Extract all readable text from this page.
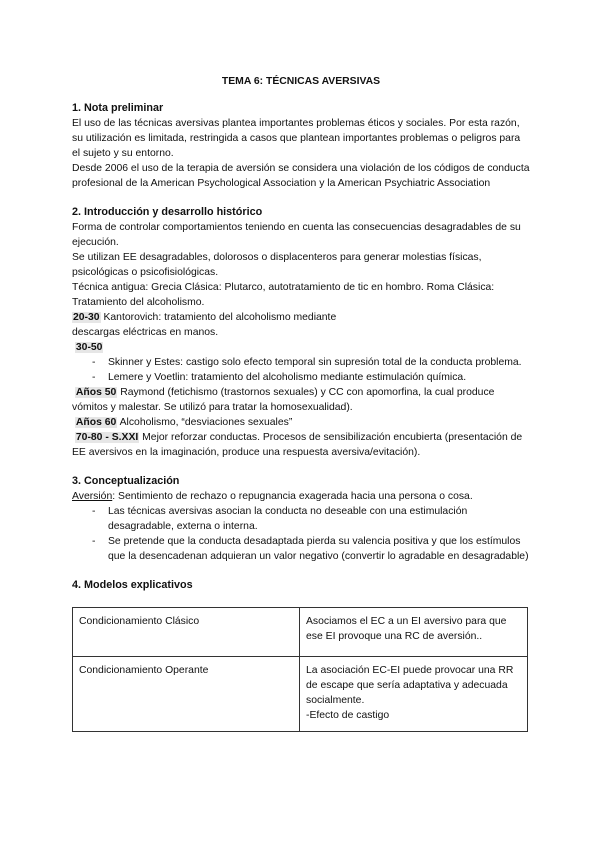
TEMA 6: TÉCNICAS AVERSIVAS
1. Nota preliminar

El uso de las técnicas aversivas plantea importantes problemas éticos y sociales. Por esta razón, su utilización es limitada, restringida a casos que plantean importantes problemas o peligros para el sujeto y su entorno.

Desde 2006 el uso de la terapia de aversión se considera una violación de los códigos de conducta profesional de la American Psychological Association y la American Psychiatric Association

2. Introducción y desarrollo histórico

Forma de controlar comportamientos teniendo en cuenta las consecuencias desagradables de su ejecución.

Se utilizan EE desagradables, dolorosos o displacenteros para generar molestias físicas, psicológicas o psicofisiológicas.

Técnica antigua: Grecia Clásica: Plutarco, autotratamiento de tic en hombro. Roma Clásica: Tratamiento del alcoholismo.

20-30 Kantorovich: tratamiento del alcoholismo mediante

descargas eléctricas en manos.

30-50

- Skinner y Estes: castigo solo efecto temporal sin supresión total de la conducta problema.
- Lemere y Voetlin: tratamiento del alcoholismo mediante estimulación química.

Años 50 Raymond (fetichismo (trastornos sexuales) y CC con apomorfina, la cual produce vómitos y malestar. Se utilizó para tratar la homosexualidad).

Años 60 Alcoholismo, “desviaciones sexuales”

70-80 - S.XXI Mejor reforzar conductas. Procesos de sensibilización encubierta (presentación de EE aversivos en la imaginación, produce una respuesta aversiva/evitación).

3. Conceptualización

Aversión: Sentimiento de rechazo o repugnancia exagerada hacia una persona o cosa.

- Las técnicas aversivas asocian la conducta no deseable con una estimulación desagradable, externa o interna.
- Se pretende que la conducta desadaptada pierda su valencia positiva y que los estímulos que la desencadenan adquieran un valor negativo (convertir lo agradable en desagradable)
4. Modelos explicativos
Condicionamiento Clásico	Asociamos el EC a un EI aversivo para que ese EI provoque una RC de aversión..
Condicionamiento Operante	La asociación EC-EI puede provocar una RR de escape que sería adaptativa y adecuada socialmente.
-Efecto de castigo
